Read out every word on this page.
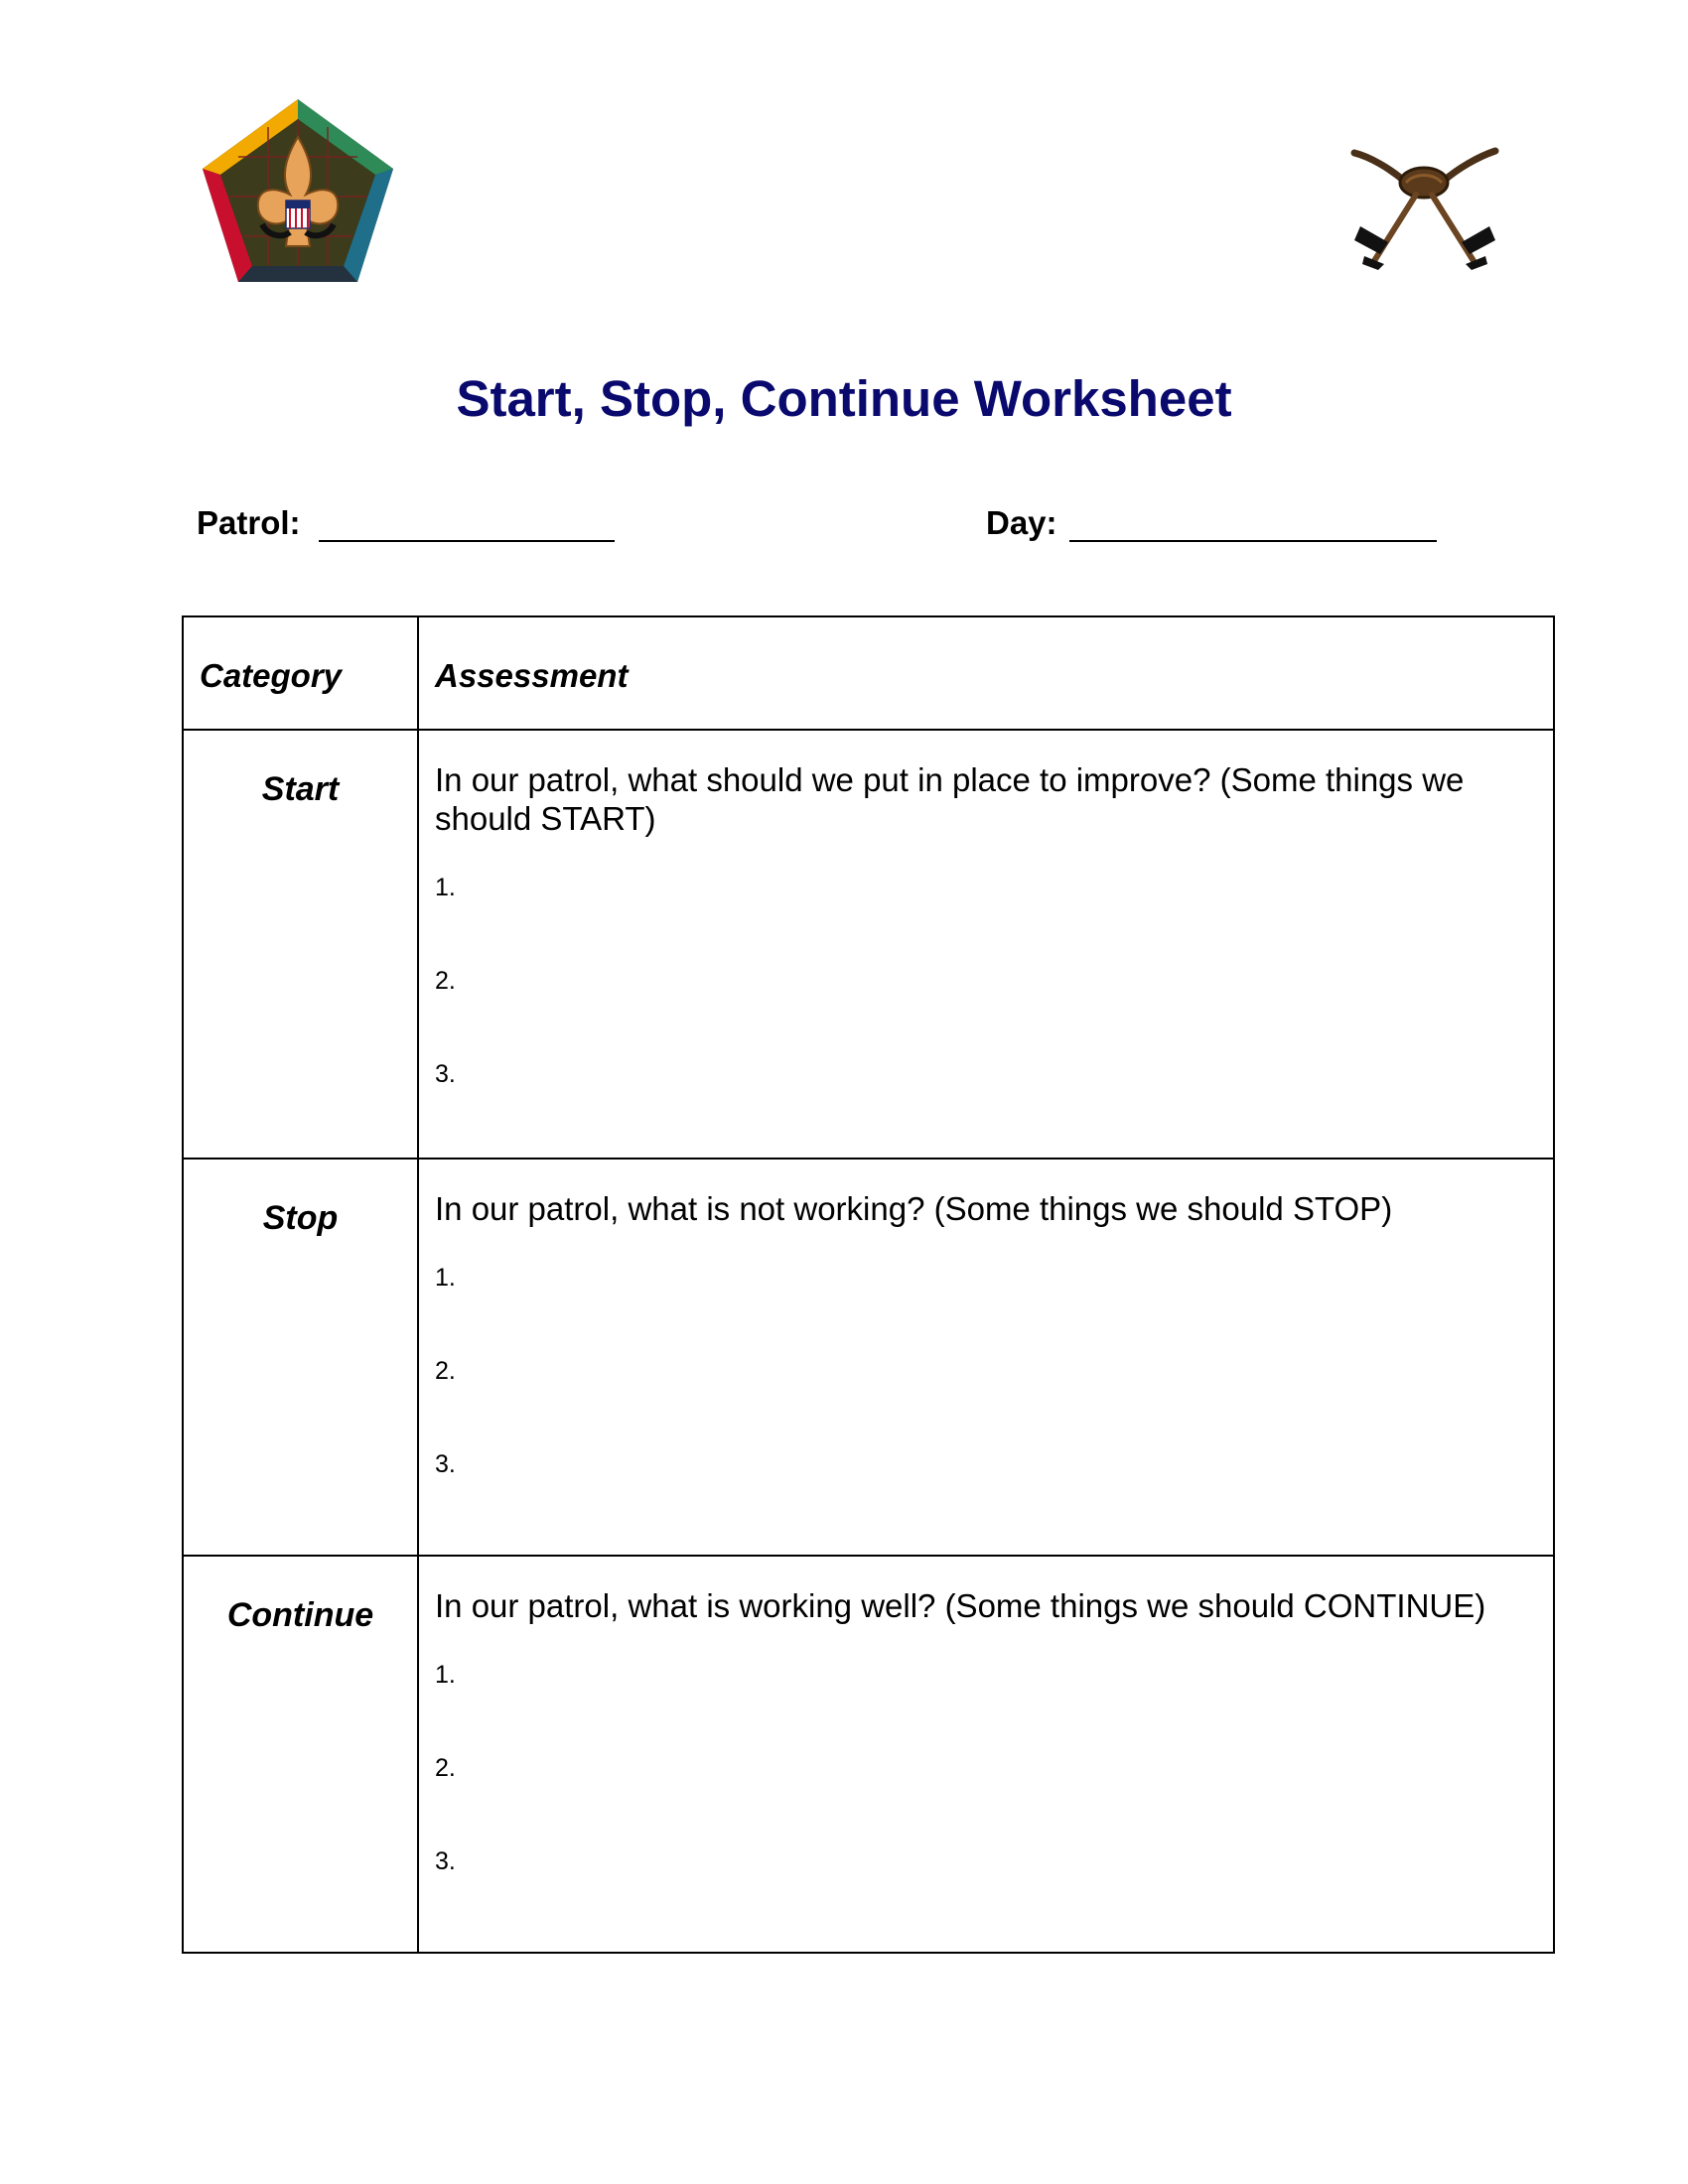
Start, Stop, Continue Worksheet
Patrol:	Day:
Category	Assessment
Start	In our patrol, what should we put in place to improve? (Some things we should START)
1.
2.
3.

Stop	In our patrol, what is not working? (Some things we should STOP)
1.
2.
3.

Continue	In our patrol, what is working well? (Some things we should CONTINUE)
1.
2.
3.
